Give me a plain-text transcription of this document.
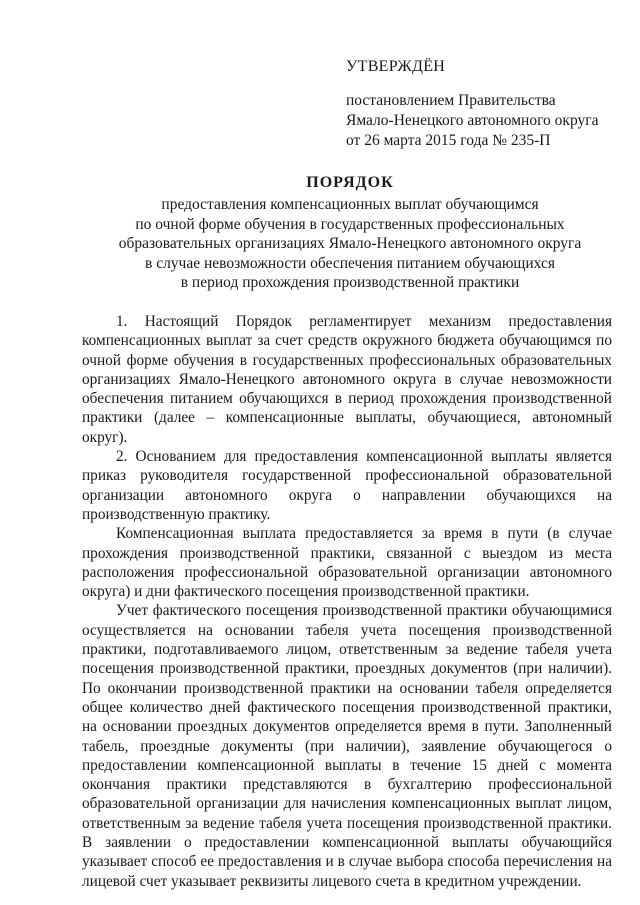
УТВЕРЖДЁН
постановлением Правительства
Ямало-Ненецкого автономного округа
от 26 марта 2015 года № 235-П
ПОРЯДОК
предоставления компенсационных выплат обучающимся
по очной форме обучения в государственных профессиональных
образовательных организациях Ямало-Ненецкого автономного округа
в случае невозможности обеспечения питанием обучающихся
в период прохождения производственной практики

1. Настоящий Порядок регламентирует механизм предоставления компенсационных выплат за счет средств окружного бюджета обучающимся по очной форме обучения в государственных профессиональных образовательных организациях Ямало-Ненецкого автономного округа в случае невозможности обеспечения питанием обучающихся в период прохождения производственной практики (далее – компенсационные выплаты, обучающиеся, автономный округ).

2. Основанием для предоставления компенсационной выплаты является приказ руководителя государственной профессиональной образовательной организации автономного округа о направлении обучающихся на производственную практику.

Компенсационная выплата предоставляется за время в пути (в случае прохождения производственной практики, связанной с выездом из места расположения профессиональной образовательной организации автономного округа) и дни фактического посещения производственной практики.

Учет фактического посещения производственной практики обучающимися осуществляется на основании табеля учета посещения производственной практики, подготавливаемого лицом, ответственным за ведение табеля учета посещения производственной практики, проездных документов (при наличии). По окончании производственной практики на основании табеля определяется общее количество дней фактического посещения производственной практики, на основании проездных документов определяется время в пути. Заполненный табель, проездные документы (при наличии), заявление обучающегося о предоставлении компенсационной выплаты в течение 15 дней с момента окончания практики представляются в бухгалтерию профессиональной образовательной организации для начисления компенсационных выплат лицом, ответственным за ведение табеля учета посещения производственной практики. В заявлении о предоставлении компенсационной выплаты обучающийся указывает способ ее предоставления и в случае выбора способа перечисления на лицевой счет указывает реквизиты лицевого счета в кредитном учреждении.
